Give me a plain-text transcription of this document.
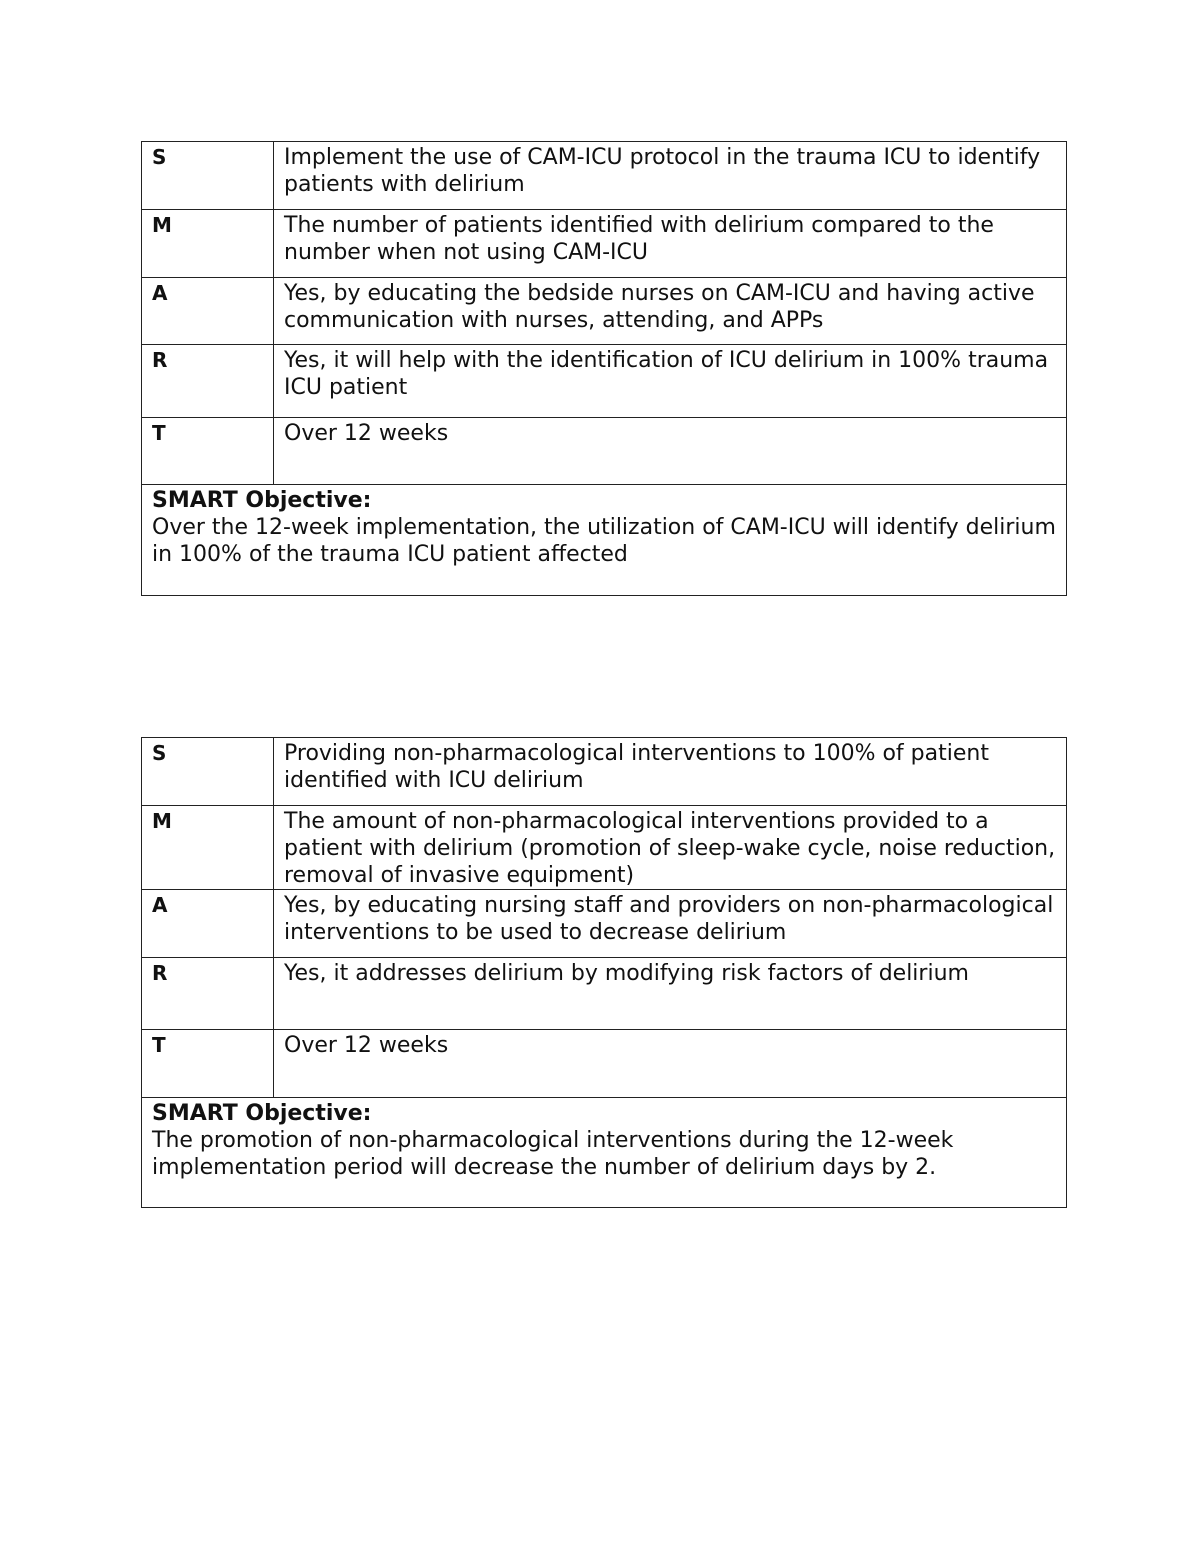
S	Implement the use of CAM-ICU protocol in the trauma ICU to identify patients with delirium
M	The number of patients identified with delirium compared to the number when not using CAM-ICU
A	Yes, by educating the bedside nurses on CAM-ICU and having active communication with nurses, attending, and APPs
R	Yes, it will help with the identification of ICU delirium in 100% trauma ICU patient
T	Over 12 weeks

SMART Objective:
Over the 12-week implementation, the utilization of CAM-ICU will identify delirium in 100% of the trauma ICU patient affected	
S	Providing non-pharmacological interventions to 100% of patient identified with ICU delirium
M	The amount of non-pharmacological interventions provided to a patient with delirium (promotion of sleep-wake cycle, noise reduction, removal of invasive equipment)
A	Yes, by educating nursing staff and providers on non-pharmacological interventions to be used to decrease delirium
R	Yes, it addresses delirium by modifying risk factors of delirium
T	Over 12 weeks

SMART Objective:
The promotion of non-pharmacological interventions during the 12-week implementation period will decrease the number of delirium days by 2.	
